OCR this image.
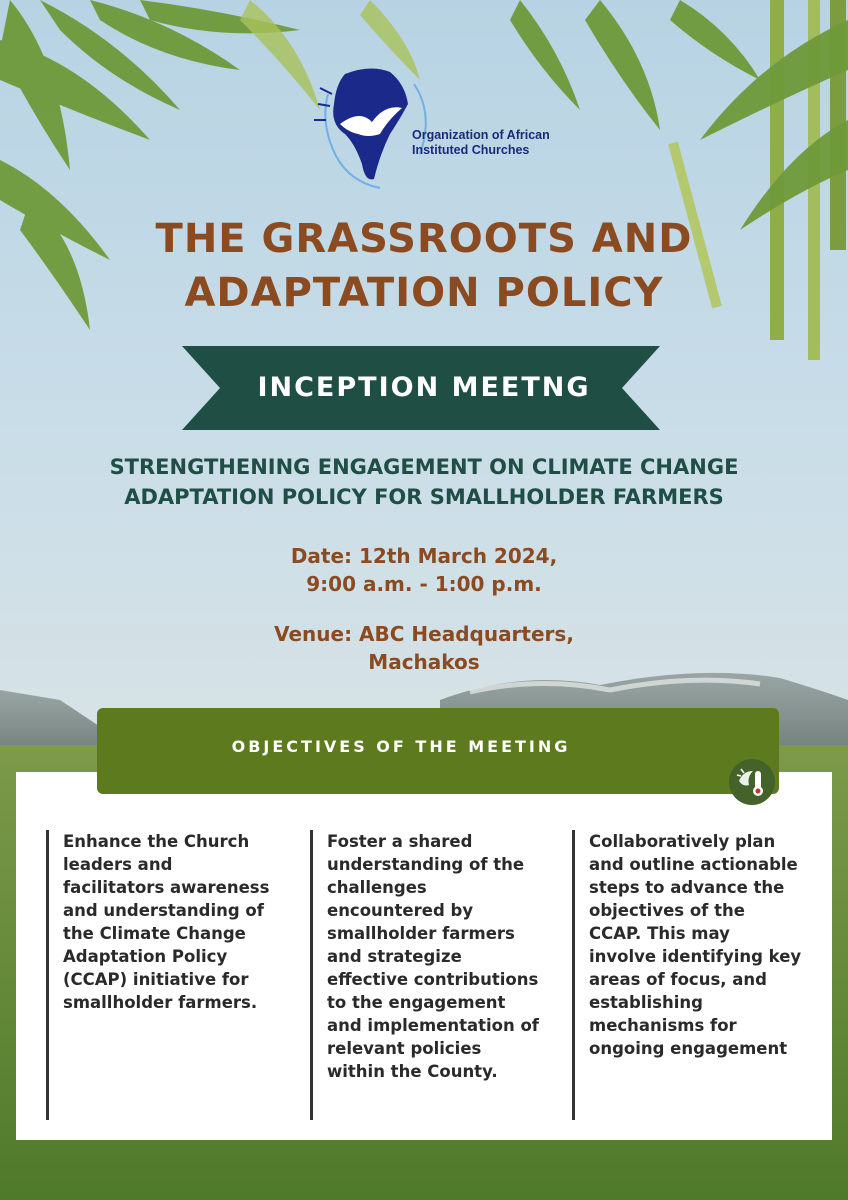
Organization of African
Instituted Churches
THE GRASSROOTS AND
ADAPTATION POLICY
INCEPTION MEETNG
STRENGTHENING ENGAGEMENT ON CLIMATE CHANGE
ADAPTATION POLICY FOR SMALLHOLDER FARMERS
Date: 12th March 2024,
9:00 a.m. - 1:00 p.m.
Venue: ABC Headquarters,
Machakos
OBJECTIVES OF THE MEETING
Enhance the Church
leaders and
facilitators awareness
and understanding of
the Climate Change
Adaptation Policy
(CCAP) initiative for
smallholder farmers.
Foster a shared
understanding of the
challenges
encountered by
smallholder farmers
and strategize
effective contributions
to the engagement
and implementation of
relevant policies
within the County.
Collaboratively plan
and outline actionable
steps to advance the
objectives of the
CCAP. This may
involve identifying key
areas of focus, and
establishing
mechanisms for
ongoing engagement
